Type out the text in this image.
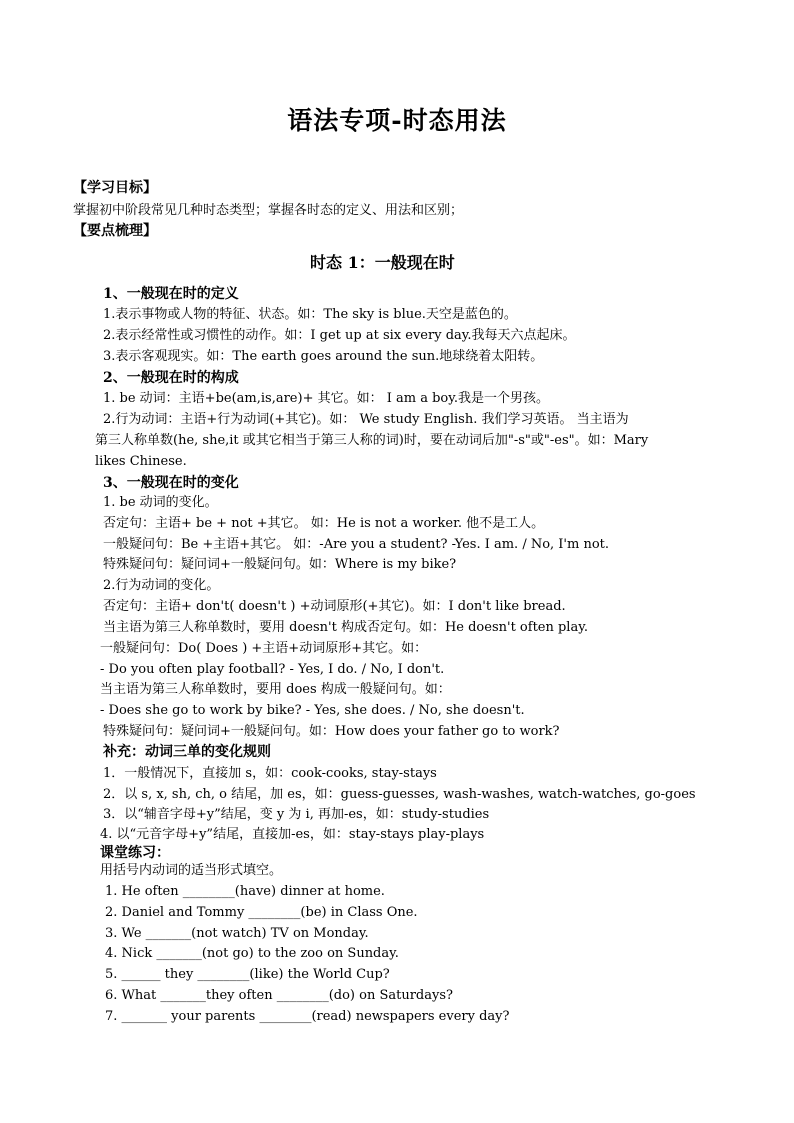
语法专项-时态用法
【学习目标】
掌握初中阶段常见几种时态类型；掌握各时态的定义、用法和区别；
【要点梳理】
时态 1：一般现在时
1、一般现在时的定义
1.表示事物或人物的特征、状态。如：The sky is blue.天空是蓝色的。
2.表示经常性或习惯性的动作。如：I get up at six every day.我每天六点起床。
3.表示客观现实。如：The earth goes around the sun.地球绕着太阳转。
2、一般现在时的构成
1. be 动词：主语+be(am,is,are)+ 其它。如： I am a boy.我是一个男孩。
2.行为动词：主语+行为动词(+其它)。如： We study English. 我们学习英语。 当主语为
第三人称单数(he, she,it 或其它相当于第三人称的词)时，要在动词后加"-s"或"-es"。如：Mary
likes Chinese.
3、一般现在时的变化
1. be 动词的变化。
否定句：主语+ be + not +其它。 如：He is not a worker. 他不是工人。
一般疑问句：Be +主语+其它。 如：-Are you a student? -Yes. I am. / No, I'm not.
特殊疑问句：疑问词+一般疑问句。如：Where is my bike?
2.行为动词的变化。
否定句：主语+ don't( doesn't ) +动词原形(+其它)。如：I don't like bread.
当主语为第三人称单数时，要用 doesn't 构成否定句。如：He doesn't often play.
一般疑问句：Do( Does ) +主语+动词原形+其它。如：
- Do you often play football? - Yes, I do. / No, I don't.
当主语为第三人称单数时，要用 does 构成一般疑问句。如：
- Does she go to work by bike? - Yes, she does. / No, she doesn't.
特殊疑问句：疑问词+一般疑问句。如：How does your father go to work?
补充：动词三单的变化规则
1．一般情况下，直接加 s，如：cook-cooks, stay-stays
2．以 s, x, sh, ch, o 结尾，加 es，如：guess-guesses, wash-washes, watch-watches, go-goes
3．以“辅音字母+y”结尾，变 y 为 i, 再加-es，如：study-studies
4. 以“元音字母+y”结尾，直接加-es，如：stay-stays play-plays
课堂练习：
用括号内动词的适当形式填空。
1. He often ________(have) dinner at home.
2. Daniel and Tommy ________(be) in Class One.
3. We _______(not watch) TV on Monday.
4. Nick _______(not go) to the zoo on Sunday.
5. ______ they ________(like) the World Cup?
6. What _______they often ________(do) on Saturdays?
7. _______ your parents ________(read) newspapers every day?
